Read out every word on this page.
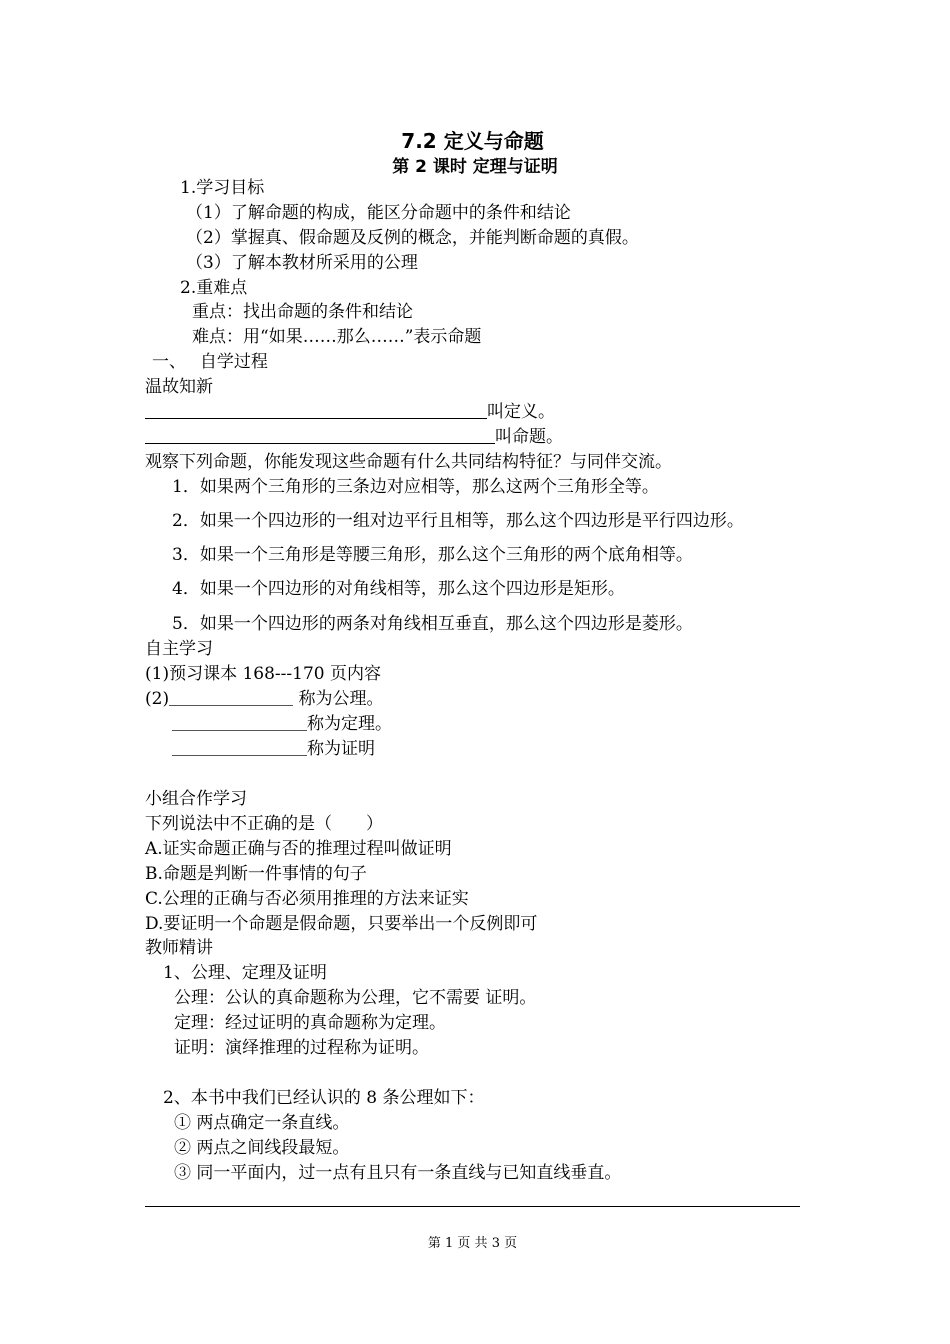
7.2 定义与命题
第 2 课时 定理与证明
1.学习目标
（1）了解命题的构成，能区分命题中的条件和结论
（2）掌握真、假命题及反例的概念，并能判断命题的真假。
（3）了解本教材所采用的公理
2.重难点
重点：找出命题的条件和结论
难点：用“如果……那么……”表示命题
一、　 自学过程
温故知新
叫定义。
叫命题。
观察下列命题，你能发现这些命题有什么共同结构特征？与同伴交流。
1．如果两个三角形的三条边对应相等，那么这两个三角形全等。
2．如果一个四边形的一组对边平行且相等，那么这个四边形是平行四边形。
3．如果一个三角形是等腰三角形，那么这个三角形的两个底角相等。
4．如果一个四边形的对角线相等，那么这个四边形是矩形。
5．如果一个四边形的两条对角线相互垂直，那么这个四边形是菱形。
自主学习
(1)预习课本 168---170 页内容
(2)	称为公理。
称为定理。
称为证明
小组合作学习
下列说法中不正确的是（　　）
A.证实命题正确与否的推理过程叫做证明
B.命题是判断一件事情的句子
C.公理的正确与否必须用推理的方法来证实
D.要证明一个命题是假命题，只要举出一个反例即可
教师精讲
1、公理、定理及证明
公理：公认的真命题称为公理，它不需要 证明。
定理：经过证明的真命题称为定理。
证明：演绎推理的过程称为证明。
2、本书中我们已经认识的 8 条公理如下：
① 两点确定一条直线。
② 两点之间线段最短。
③ 同一平面内，过一点有且只有一条直线与已知直线垂直。
第 1 页 共 3 页
